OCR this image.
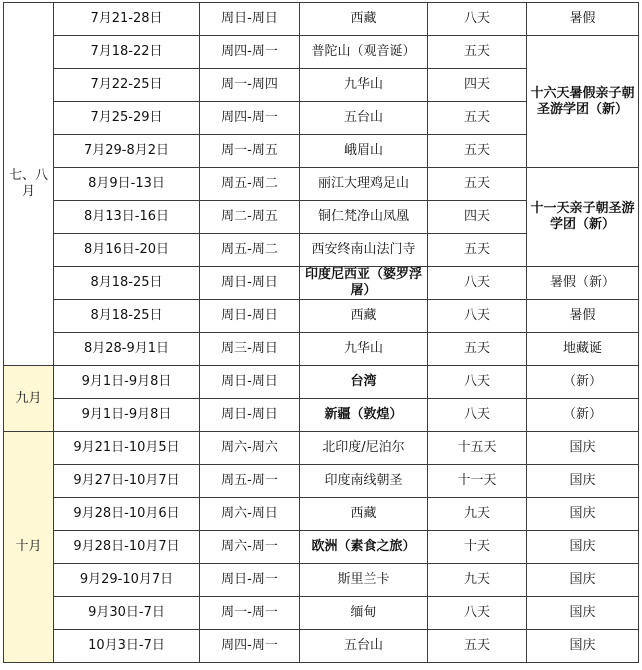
七、八月	7月21-28日	周日-周日	西藏	八天	暑假
	7月18-22日	周四-周一	普陀山（观音诞）	五天	十六天暑假亲子朝圣游学团（新）
	7月22-25日	周一-周四	九华山	四天	
	7月25-29日	周四-周一	五台山	五天	
	7月29-8月2日	周一-周五	峨眉山	五天	
	8月9日-13日	周五-周二	丽江大理鸡足山	五天	十一天亲子朝圣游学团（新）
	8月13日-16日	周二-周五	铜仁梵净山凤凰	四天	
	8月16日-20日	周五-周二	西安终南山法门寺	五天	
	8月18-25日	周日-周日	印度尼西亚（婆罗浮屠）	八天	暑假（新）
	8月18-25日	周日-周日	西藏	八天	暑假
	8月28-9月1日	周三-周日	九华山	五天	地藏诞
九月	9月1日-9月8日	周日-周日	台湾	八天	（新）
	9月1日-9月8日	周日-周日	新疆（敦煌）	八天	（新）
十月	9月21日-10月5日	周六-周六	北印度/尼泊尔	十五天	国庆
	9月27日-10月7日	周五-周一	印度南线朝圣	十一天	国庆
	9月28日-10月6日	周六-周日	西藏	九天	国庆
	9月28日-10月7日	周六-周一	欧洲（素食之旅）	十天	国庆
	9月29-10月7日	周日-周一	斯里兰卡	九天	国庆
	9月30日-7日	周一-周一	缅甸	八天	国庆
	10月3日-7日	周四-周一	五台山	五天	国庆
